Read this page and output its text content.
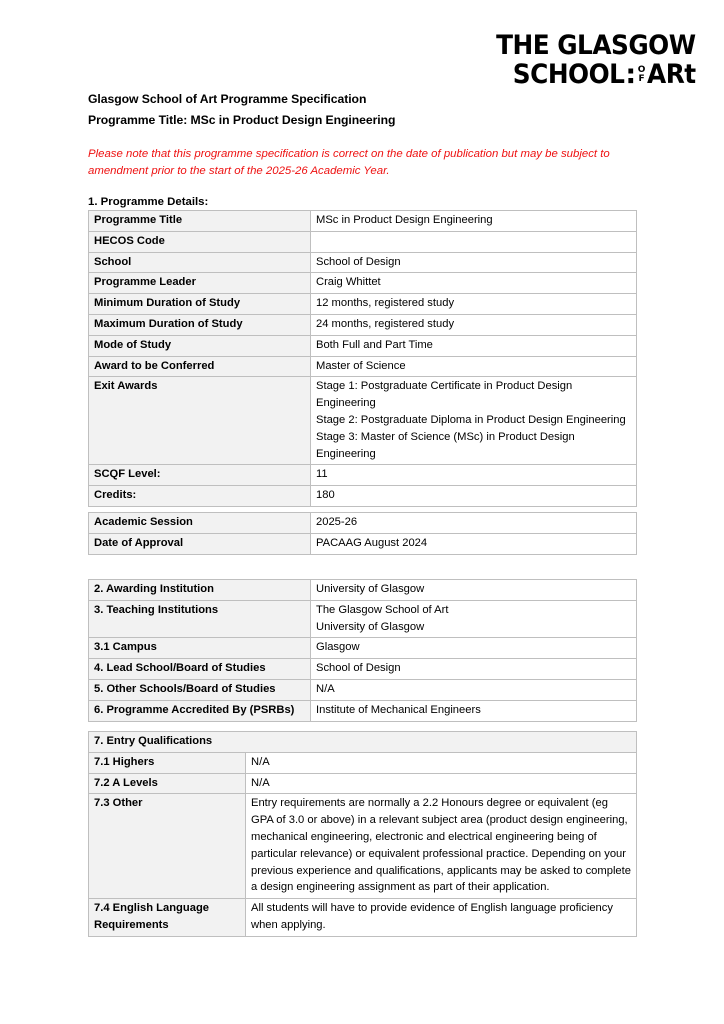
THE GLASGOW
SCHOOL : O
F ARt
Glasgow School of Art Programme Specification
Programme Title: MSc in Product Design Engineering
Please note that this programme specification is correct on the date of publication but may be subject to amendment prior to the start of the 2025-26 Academic Year.
1. Programme Details:
Programme Title	MSc in Product Design Engineering

HECOS Code	

School	School of Design

Programme Leader	Craig Whittet

Minimum Duration of Study	12 months, registered study

Maximum Duration of Study	24 months, registered study

Mode of Study	Both Full and Part Time

Award to be Conferred	Master of Science

Exit Awards	Stage 1: Postgraduate Certificate in Product Design Engineering
Stage 2: Postgraduate Diploma in Product Design Engineering
Stage 3: Master of Science (MSc) in Product Design Engineering

SCQF Level:	11

Credits:	180
Academic Session	2025-26

Date of Approval	PACAAG August 2024
2. Awarding Institution	University of Glasgow

3. Teaching Institutions	The Glasgow School of Art
University of Glasgow

3.1 Campus	Glasgow

4. Lead School/Board of Studies	School of Design

5. Other Schools/Board of Studies	N/A

6. Programme Accredited By (PSRBs)	Institute of Mechanical Engineers
7. Entry Qualifications	
7.1 Highers	N/A

7.2 A Levels	N/A

7.3 Other	Entry requirements are normally a 2.2 Honours degree or equivalent (eg GPA of 3.0 or above) in a relevant subject area (product design engineering, mechanical engineering, electronic and electrical engineering being of particular relevance) or equivalent professional practice. Depending on your previous experience and qualifications, applicants may be asked to complete a design engineering assignment as part of their application.

7.4 English Language Requirements	All students will have to provide evidence of English language proficiency when applying.
